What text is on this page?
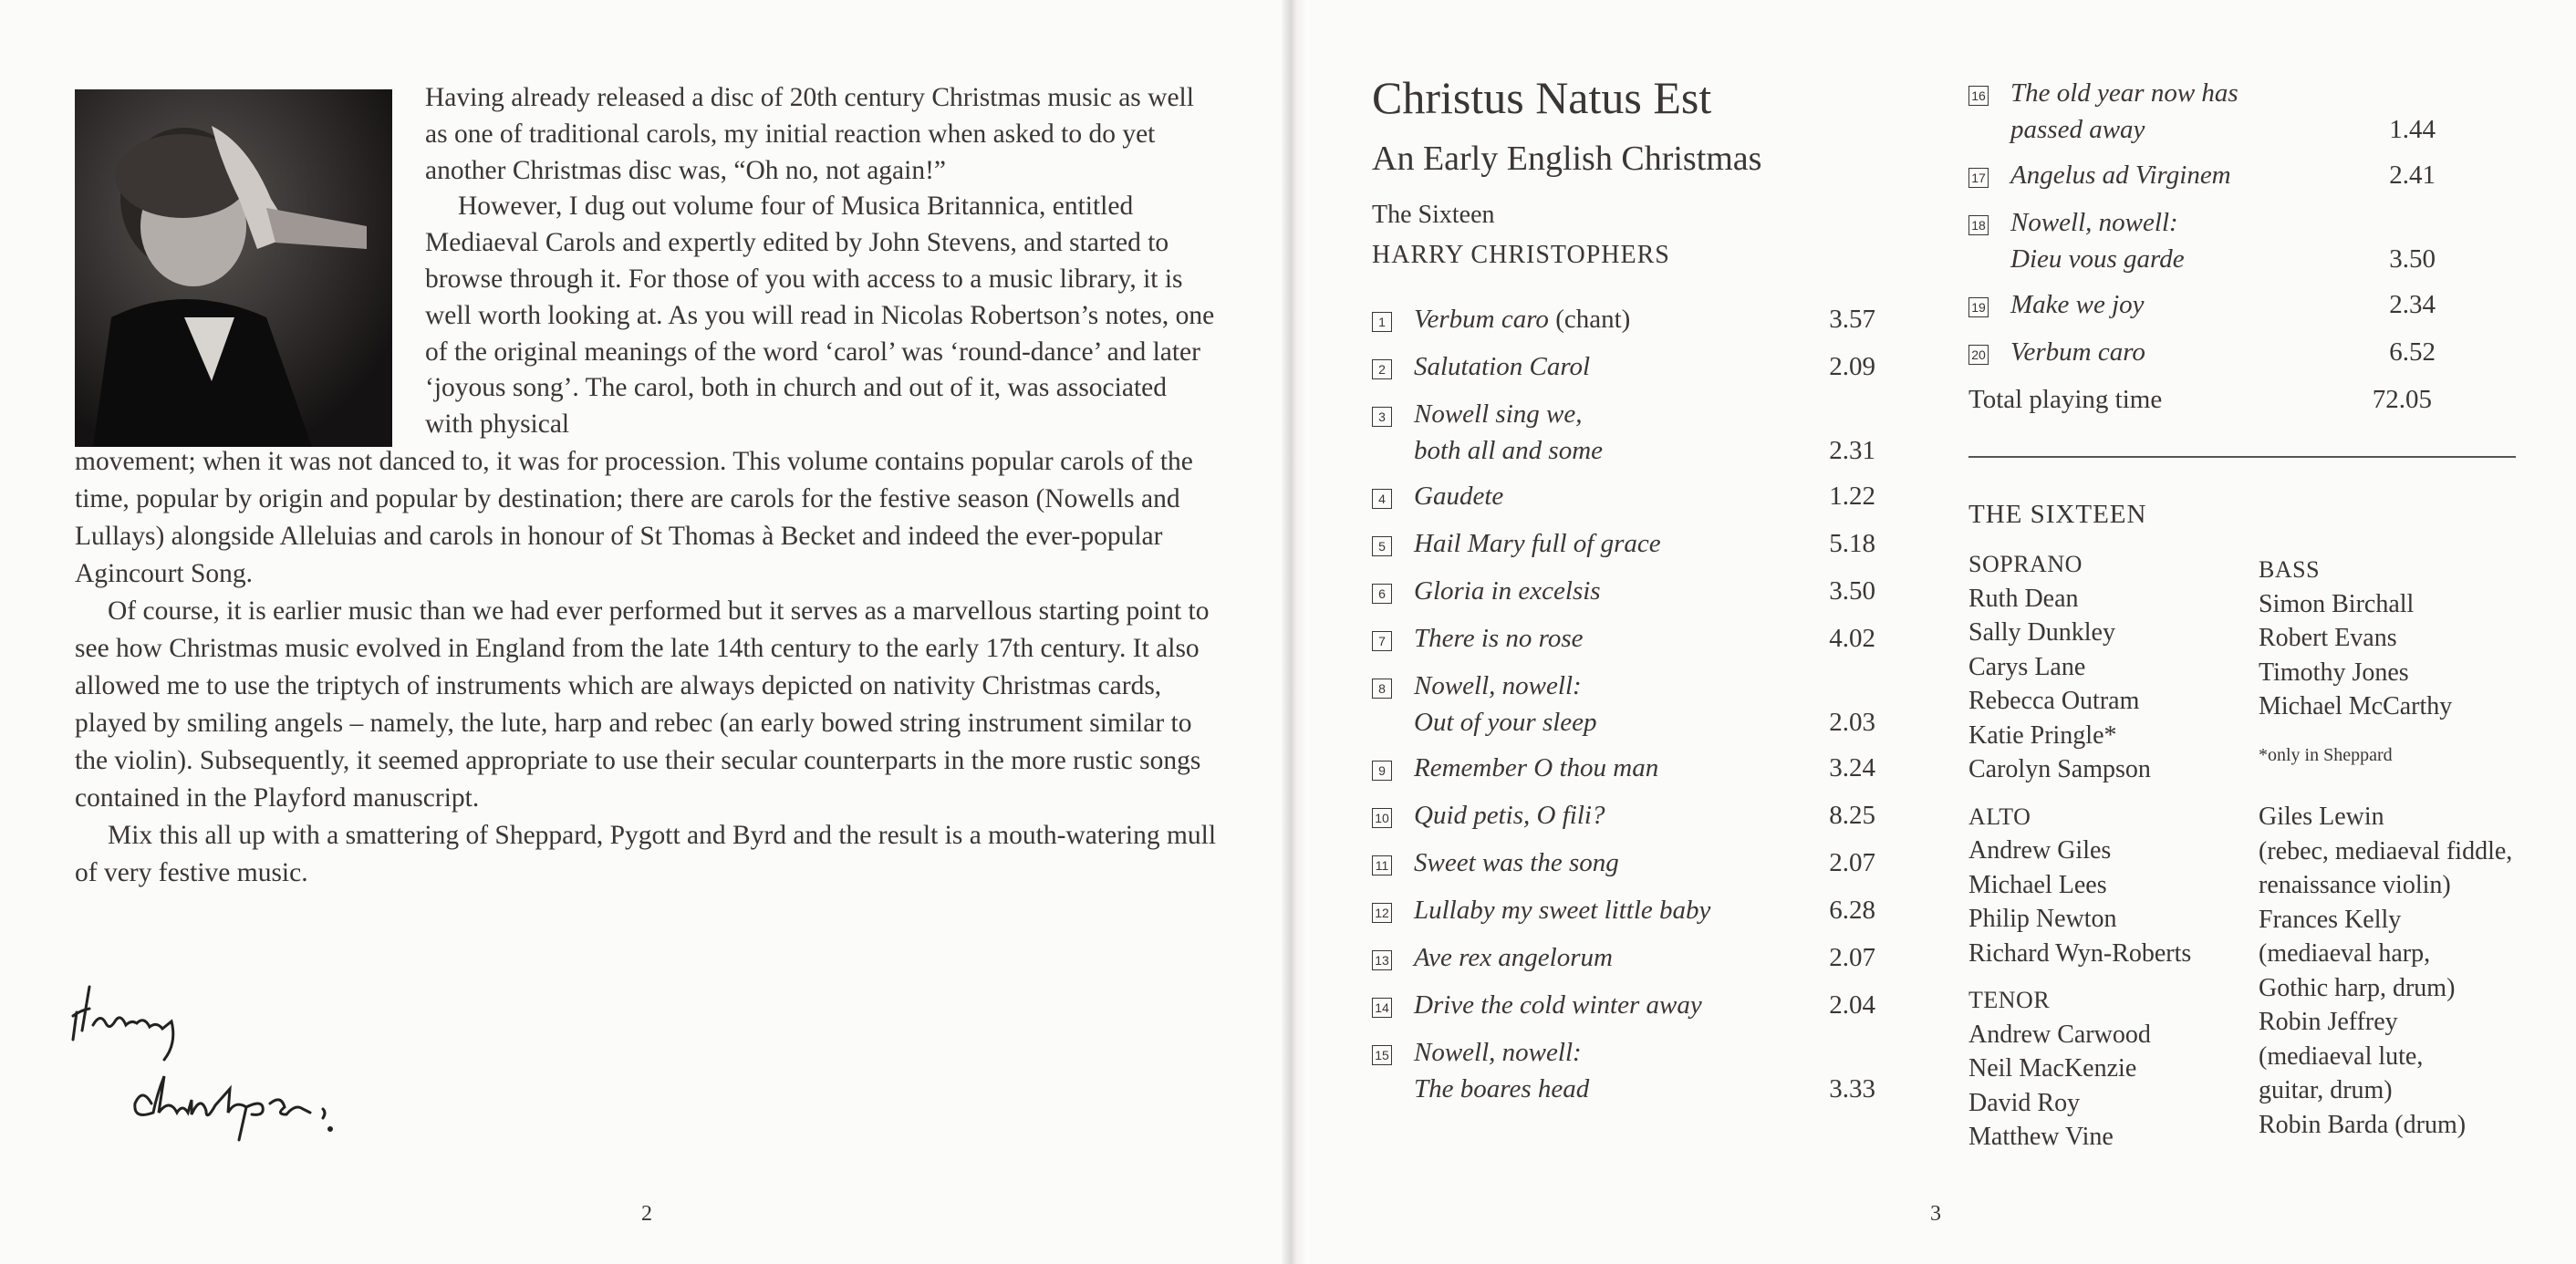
Having already released a disc of 20th century Christmas music as well as one of traditional carols, my initial reaction when asked to do yet another Christmas disc was, “Oh no, not again!”

However, I dug out volume four of Musica Britannica, entitled Mediaeval Carols and expertly edited by John Stevens, and started to browse through it. For those of you with access to a music library, it is well worth looking at. As you will read in Nicolas Robertson’s notes, one of the original meanings of the word ‘carol’ was ‘round-dance’ and later ‘joyous song’. The carol, both in church and out of it, was associated with physical

movement; when it was not danced to, it was for procession. This volume contains popular carols of the time, popular by origin and popular by destination; there are carols for the festive season (Nowells and Lullays) alongside Alleluias and carols in honour of St Thomas à Becket and indeed the ever-popular Agincourt Song.

Of course, it is earlier music than we had ever performed but it serves as a marvellous starting point to see how Christmas music evolved in England from the late 14th century to the early 17th century. It also allowed me to use the triptych of instruments which are always depicted on nativity Christmas cards, played by smiling angels – namely, the lute, harp and rebec (an early bowed string instrument similar to the violin). Subsequently, it seemed appropriate to use their secular counterparts in the more rustic songs contained in the Playford manuscript.

Mix this all up with a smattering of Sheppard, Pygott and Byrd and the result is a mouth-watering mull of very festive music.

2
Christus Natus Est
An Early English Christmas
The Sixteen
HARRY CHRISTOPHERS
1 Verbum caro (chant)	3.57
2 Salutation Carol	2.09
3 Nowell sing we,
both all and some	2.31
4 Gaudete	1.22
5 Hail Mary full of grace	5.18
6 Gloria in excelsis	3.50
7 There is no rose	4.02
8 Nowell, nowell:
Out of your sleep	2.03
9 Remember O thou man	3.24
10 Quid petis, O fili?	8.25
11 Sweet was the song	2.07
12 Lullaby my sweet little baby	6.28
13 Ave rex angelorum	2.07
14 Drive the cold winter away	2.04
15 Nowell, nowell:
The boares head	3.33
16 The old year now has
passed away	1.44
17 Angelus ad Virginem	2.41
18 Nowell, nowell:
Dieu vous garde	3.50
19 Make we joy	2.34
20 Verbum caro	6.52
Total playing time	72.05
THE SIXTEEN
SOPRANO
Ruth Dean
Sally Dunkley
Carys Lane
Rebecca Outram
Katie Pringle*
Carolyn Sampson
ALTO
Andrew Giles
Michael Lees
Philip Newton
Richard Wyn-Roberts
TENOR
Andrew Carwood
Neil MacKenzie
David Roy
Matthew Vine
BASS
Simon Birchall
Robert Evans
Timothy Jones
Michael McCarthy
*only in Sheppard
Giles Lewin
(rebec, mediaeval fiddle,
renaissance violin)
Frances Kelly
(mediaeval harp,
Gothic harp, drum)
Robin Jeffrey
(mediaeval lute,
guitar, drum)
Robin Barda (drum)
3
